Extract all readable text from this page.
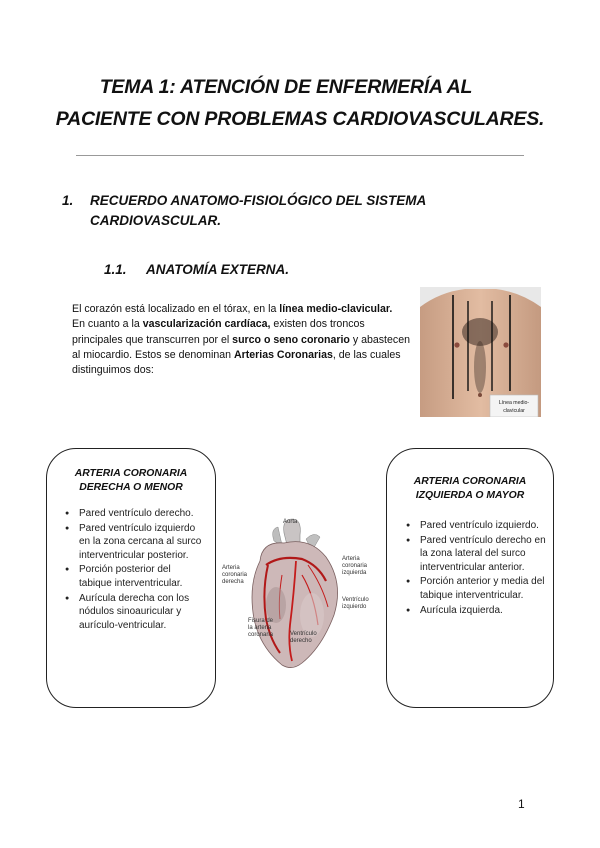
TEMA 1: ATENCIÓN DE ENFERMERÍA AL
PACIENTE CON PROBLEMAS CARDIOVASCULARES.
1. RECUERDO ANATOMO-FISIOLÓGICO DEL SISTEMA
CARDIOVASCULAR.
1.1. ANATOMÍA EXTERNA.
El corazón está localizado en el tórax, en la línea medio-clavicular.
En cuanto a la vascularización cardíaca, existen dos troncos principales que transcurren por el surco o seno coronario y abastecen al miocardio. Estos se denominan Arterias Coronarias, de las cuales distinguimos dos:
Línea medio-
clavicular
ARTERIA CORONARIA
DERECHA O MENOR
● Pared ventrículo derecho.
● Pared ventrículo izquierdo en la zona cercana al surco interventricular posterior.
● Porción posterior del tabique interventricular.
● Aurícula derecha con los nódulos sinoauricular y aurículo-ventricular.
ARTERIA CORONARIA
IZQUIERDA O MAYOR
● Pared ventrículo izquierdo.
● Pared ventrículo derecho en la zona lateral del surco interventricular anterior.
● Porción anterior y media del tabique interventricular.
● Aurícula izquierda.
Aorta
Arteria
coronaria
derecha
Arteria
coronaria
izquierda
Ventrículo
izquierdo
Fisura de
la arteria
coronaria	Ventrículo
derecho
1
